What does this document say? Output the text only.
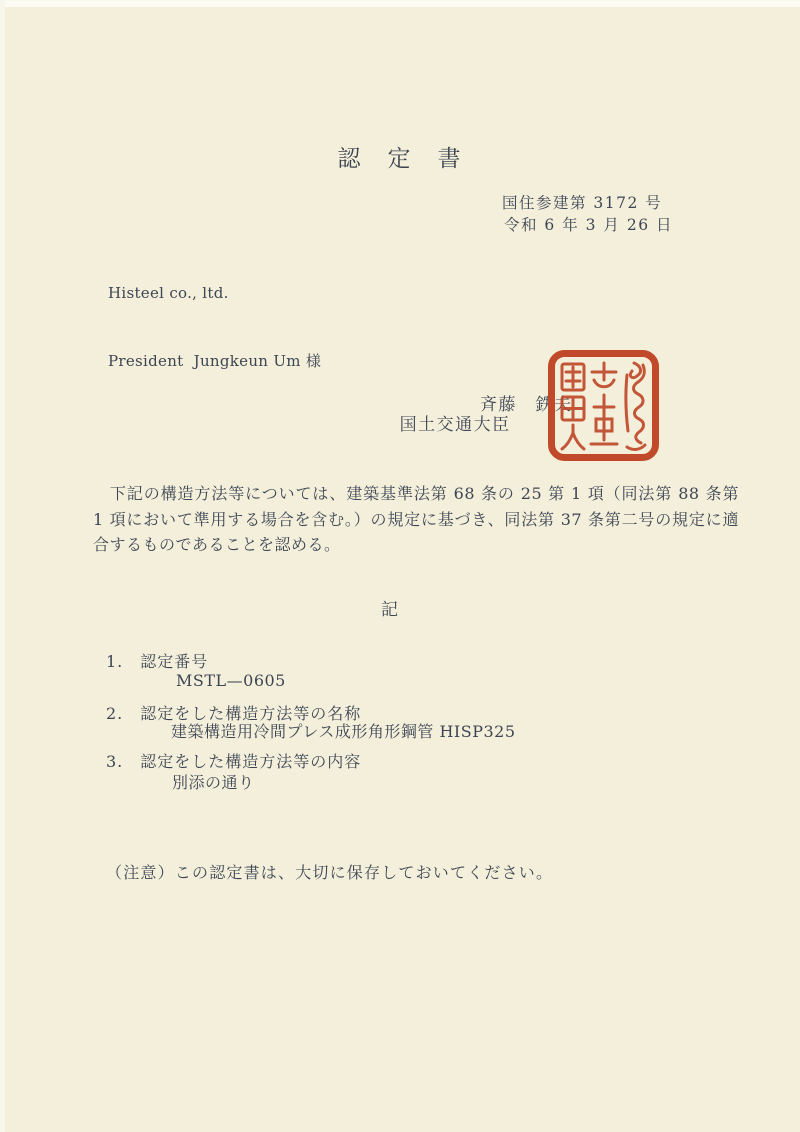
認　定　書
国住参建第 3172 号
令和 6 年 3 月 26 日

Histeel co., ltd.

President  Jungkeun Um 様

国土交通大臣

斉藤　鉄夫

　下記の構造方法等については、建築基準法第 68 条の 25 第 1 項（同法第 88 条第 1 項において準用する場合を含む。）の規定に基づき、同法第 37 条第二号の規定に適合するものであることを認める。

記
1.　認定番号
MSTL—0605
2.　認定をした構造方法等の名称
建築構造用冷間プレス成形角形鋼管 HISP325
3.　認定をした構造方法等の内容
別添の通り
（注意）この認定書は、大切に保存しておいてください。
